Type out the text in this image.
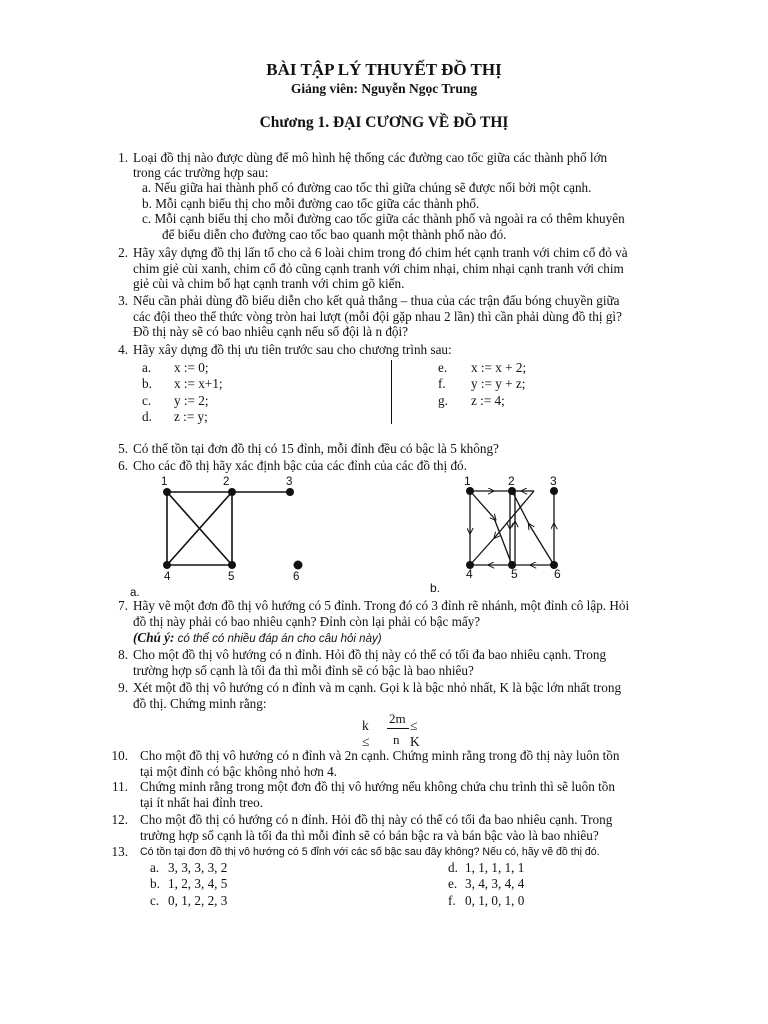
BÀI TẬP LÝ THUYẾT ĐỒ THỊ
Giảng viên: Nguyễn Ngọc Trung
Chương 1. ĐẠI CƯƠNG VỀ ĐỒ THỊ
1. Loại đồ thị nào được dùng để mô hình hệ thống các đường cao tốc giữa các thành phố lớn
trong các trường hợp sau:
a. Nếu giữa hai thành phố có đường cao tốc thì giữa chúng sẽ được nối bởi một cạnh.
b. Mỗi cạnh biểu thị cho mỗi đường cao tốc giữa các thành phố.
c. Mỗi cạnh biểu thị cho mỗi đường cao tốc giữa các thành phố và ngoài ra có thêm khuyên
để biểu diễn cho đường cao tốc bao quanh một thành phố nào đó.
2. Hãy xây dựng đồ thị lấn tổ cho cả 6 loài chim trong đó chim hét cạnh tranh với chim cổ đỏ và
chim giẻ cùi xanh, chim cổ đỏ cũng cạnh tranh với chim nhại, chim nhại cạnh tranh với chim
giẻ cùi và chim bổ hạt cạnh tranh với chim gõ kiến.
3. Nếu cần phải dùng đồ biểu diễn cho kết quả thắng – thua của các trận đấu bóng chuyền giữa
các đội theo thể thức vòng tròn hai lượt (mỗi đội gặp nhau 2 lần) thì cần phải dùng đồ thị gì?
Đồ thị này sẽ có bao nhiêu cạnh nếu số đội là n đội?
4. Hãy xây dựng đồ thị ưu tiên trước sau cho chương trình sau:
a. x := 0;
b. x := x+1;
c. y := 2;
d. z := y;
e. x := x + 2;
f. y := y + z;
g. z := 4;
5. Có thể tồn tại đơn đồ thị có 15 đỉnh, mỗi đỉnh đều có bậc là 5 không?
6. Cho các đồ thị hãy xác định bậc của các đỉnh của các đồ thị đó.
1	2	3
4	5	6
a.
1	2	3
4	5	6
b.
7. Hãy vẽ một đơn đồ thị vô hướng có 5 đỉnh. Trong đó có 3 đỉnh rẽ nhánh, một đỉnh cô lập. Hỏi
đồ thị này phải có bao nhiêu cạnh? Đỉnh còn lại phải có bậc mấy?
(Chú ý: có thể có nhiều đáp án cho câu hỏi này)
8. Cho một đồ thị vô hướng có n đỉnh. Hỏi đồ thị này có thể có tối đa bao nhiêu cạnh. Trong
trường hợp số cạnh là tối đa thì mỗi đỉnh sẽ có bậc là bao nhiêu?
9. Xét một đồ thị vô hướng có n đỉnh và m cạnh. Gọi k là bậc nhỏ nhất, K là bậc lớn nhất trong
đồ thị. Chứng minh rằng:
k ≤
2m
n
≤ K
10. Cho một đồ thị vô hướng có n đỉnh và 2n cạnh. Chứng minh rằng trong đồ thị này luôn tồn
tại một đỉnh có bậc không nhỏ hơn 4.
11. Chứng minh rằng trong một đơn đồ thị vô hướng nếu không chứa chu trình thì sẽ luôn tồn
tại ít nhất hai đỉnh treo.
12. Cho một đồ thị có hướng có n đỉnh. Hỏi đồ thị này có thể có tối đa bao nhiêu cạnh. Trong
trường hợp số cạnh là tối đa thì mỗi đỉnh sẽ có bán bậc ra và bán bậc vào là bao nhiêu?
13. Có tồn tại đơn đồ thị vô hướng có 5 đỉnh với các số bậc sau đây không? Nếu có, hãy vẽ đồ thị đó.
a. 3, 3, 3, 3, 2
b. 1, 2, 3, 4, 5
c. 0, 1, 2, 2, 3
d. 1, 1, 1, 1, 1
e. 3, 4, 3, 4, 4
f. 0, 1, 0, 1, 0
